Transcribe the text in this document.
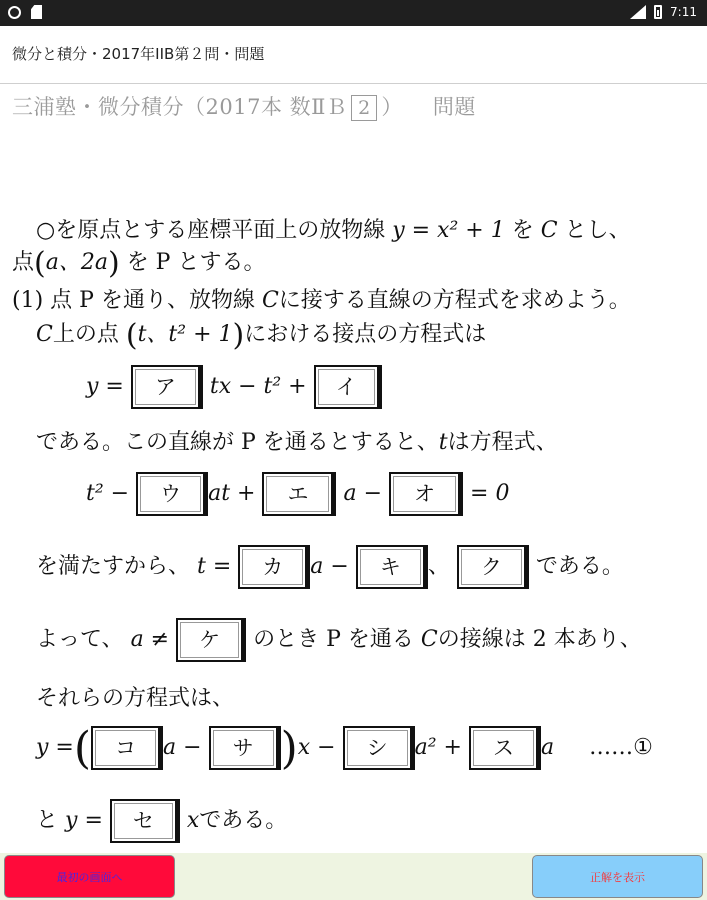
7:11
微分と積分・2017年IIB第２問・問題
三浦塾・微分積分（2017本 数ⅡＢ 2 ） 問題
○を原点とする座標平面上の放物線 y = x² + 1 を C とし、
点(a、2a) を P とする。
(1) 点 P を通り、放物線 Cに接する直線の方程式を求めよう。
C上の点 (t、t² + 1)における接点の方程式は
y = ア tx − t² + イ
である。この直線が P を通るとすると、tは方程式、
t² − ウ at + エ a − オ = 0
を満たすから、 t = カ a − キ 、 ク である。
よって、 a ≠ ケ のとき P を通る Cの接線は 2 本あり、
それらの方程式は、
y =( コ a − サ )x − シ a² + ス a ……①
と y = セ xである。
最初の画面へ	正解を表示
